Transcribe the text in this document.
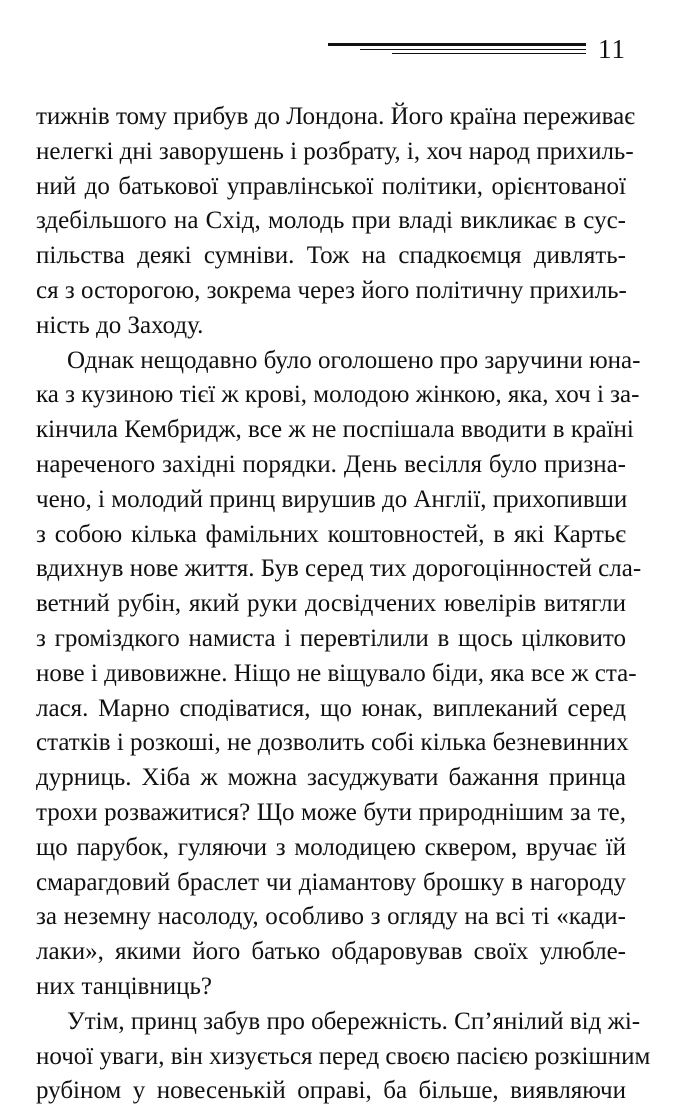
11
тижнів тому прибув до Лондона. Його країна переживає
нелегкі дні заворушень і розбрату, і, хоч народ прихиль-
ний до батькової управлінської політики, орієнтованої
здебільшого на Схід, молодь при владі викликає в сус-
пільства деякі сумніви. Тож на спадкоємця дивлять-
ся з осторогою, зокрема через його політичну прихиль-
ність до Заходу.
Однак нещодавно було оголошено про заручини юна-
ка з кузиною тієї ж крові, молодою жінкою, яка, хоч і за-
кінчила Кембридж, все ж не поспішала вводити в країні
нареченого західні порядки. День весілля було призна-
чено, і молодий принц вирушив до Англії, прихопивши
з собою кілька фамільних коштовностей, в які Картьє
вдихнув нове життя. Був серед тих дорогоцінностей сла-
ветний рубін, який руки досвідчених ювелірів витягли
з громіздкого намиста і перевтілили в щось цілковито
нове і дивовижне. Ніщо не віщувало біди, яка все ж ста-
лася. Марно сподіватися, що юнак, виплеканий серед
статків і розкоші, не дозволить собі кілька безневинних
дурниць. Хіба ж можна засуджувати бажання принца
трохи розважитися? Що може бути природнішим за те,
що парубок, гуляючи з молодицею сквером, вручає їй
смарагдовий браслет чи діамантову брошку в нагороду
за неземну насолоду, особливо з огляду на всі ті «кади-
лаки», якими його батько обдаровував своїх улюблe-
них танцівниць?
Утім, принц забув про обережність. Сп’янілий від жі-
ночої уваги, він хизується перед своєю пасією розкішним
рубіном у новесенькій оправі, ба більше, виявляючи
